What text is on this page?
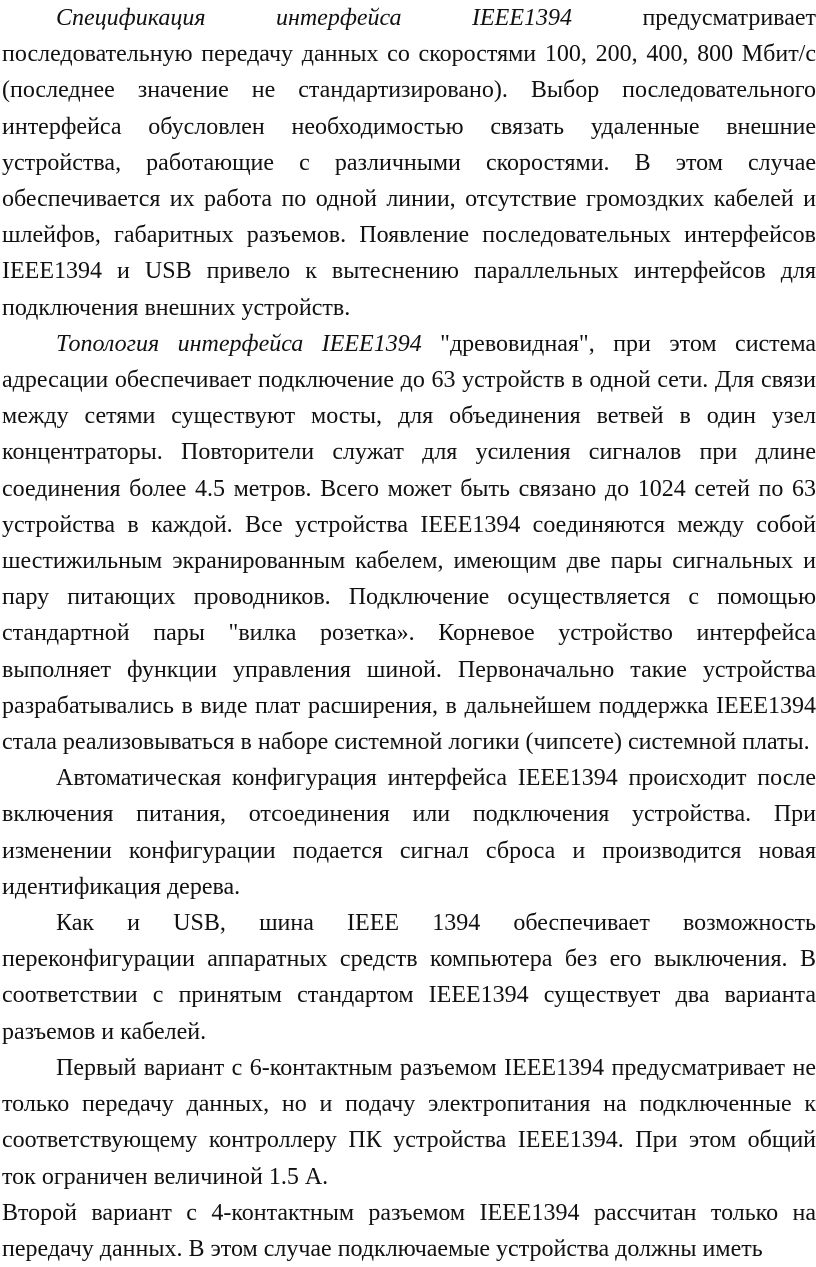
Спецификация интерфейса IEEE1394 предусматривает последовательную передачу данных со скоростями 100, 200, 400, 800 Мбит/с (последнее значение не стандартизировано). Выбор последовательного интерфейса обусловлен необходимостью связать удаленные внешние устройства, работающие с различными скоростями. В этом случае обеспечивается их работа по одной линии, отсутствие громоздких кабелей и шлейфов, габаритных разъемов. Появление последовательных интерфейсов IEEE1394 и USB привело к вытеснению параллельных интерфейсов для подключения внешних устройств.

Топология интерфейса IEEE1394 "древовидная", при этом система адресации обеспечивает подключение до 63 устройств в одной сети. Для связи между сетями существуют мосты, для объединения ветвей в один узел концентраторы. Повторители служат для усиления сигналов при длине соединения более 4.5 метров. Всего может быть связано до 1024 сетей по 63 устройства в каждой. Все устройства IEEE1394 соединяются между собой шестижильным экранированным кабелем, имеющим две пары сигнальных и пару питающих проводников. Подключение осуществляется с помощью стандартной пары "вилка розетка». Корневое устройство интерфейса выполняет функции управления шиной. Первоначально такие устройства разрабатывались в виде плат расширения, в дальнейшем поддержка IEEE1394 стала реализовываться в наборе системной логики (чипсете) системной платы.

Автоматическая конфигурация интерфейса IEEE1394 происходит после включения питания, отсоединения или подключения устройства. При изменении конфигурации подается сигнал сброса и производится новая идентификация дерева.

Как и USB, шина IEEE 1394 обеспечивает возможность переконфигурации аппаратных средств компьютера без его выключения. В соответствии с принятым стандартом IEEE1394 существует два варианта разъемов и кабелей.

Первый вариант с 6-контактным разъемом IEEE1394 предусматривает не только передачу данных, но и подачу электропитания на подключенные к соответствующему контроллеру ПК устройства IEEE1394. При этом общий ток ограничен величиной 1.5 А.

Второй вариант с 4-контактным разъемом IEEE1394 рассчитан только на передачу данных. В этом случае подключаемые устройства должны иметь
